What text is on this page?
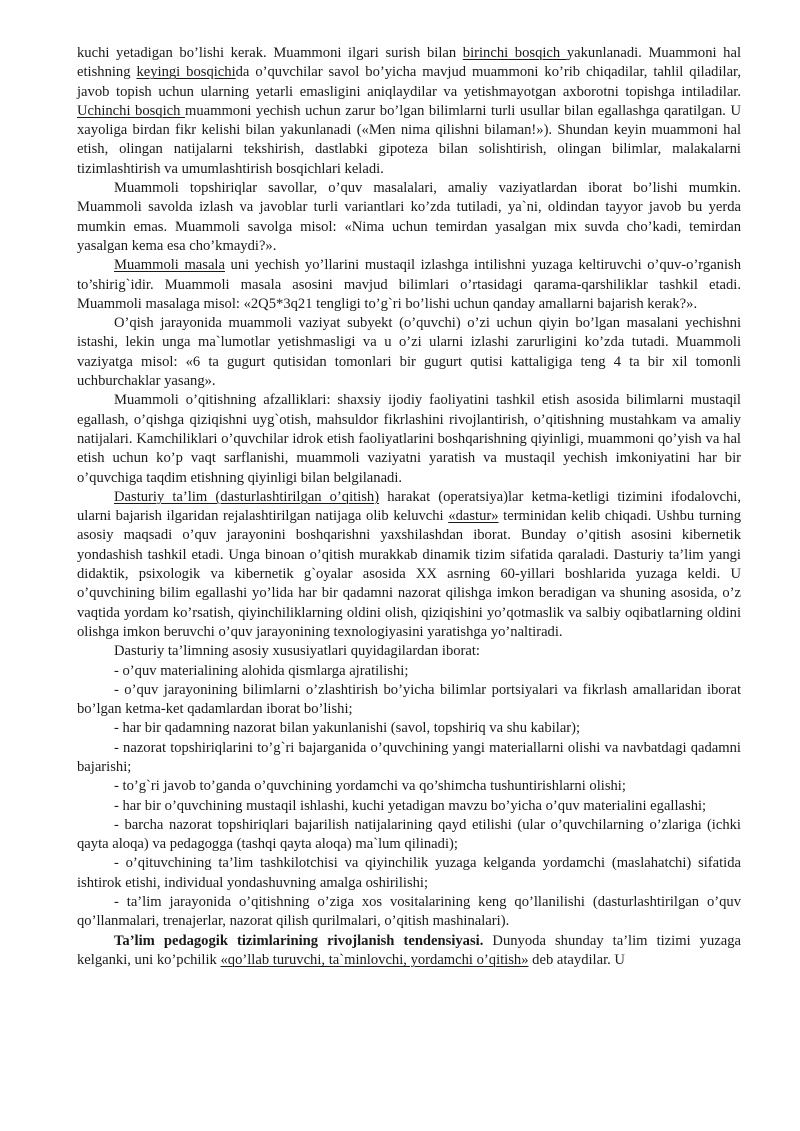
kuchi yetadigan bo’lishi kerak. Muammoni ilgari surish bilan birinchi bosqich yakunlanadi. Muammoni hal etishning keyingi bosqichida o’quvchilar savol bo’yicha mavjud muammoni ko’rib chiqadilar, tahlil qiladilar, javob topish uchun ularning yetarli emasligini aniqlaydilar va yetishmayotgan axborotni topishga intiladilar. Uchinchi bosqich muammoni yechish uchun zarur bo’lgan bilimlarni turli usullar bilan egallashga qaratilgan. U xayoliga birdan fikr kelishi bilan yakunlanadi («Men nima qilishni bilaman!»). Shundan keyin muammoni hal etish, olingan natijalarni tekshirish, dastlabki gipoteza bilan solishtirish, olingan bilimlar, malakalarni tizimlashtirish va umumlashtirish bosqichlari keladi.

Muammoli topshiriqlar savollar, o’quv masalalari, amaliy vaziyatlardan iborat bo’lishi mumkin. Muammoli savolda izlash va javoblar turli variantlari ko’zda tutiladi, ya`ni, oldindan tayyor javob bu yerda mumkin emas. Muammoli savolga misol: «Nima uchun temirdan yasalgan mix suvda cho’kadi, temirdan yasalgan kema esa cho’kmaydi?».

Muammoli masala uni yechish yo’llarini mustaqil izlashga intilishni yuzaga keltiruvchi o’quv-o’rganish to’shirig`idir. Muammoli masala asosini mavjud bilimlari o’rtasidagi qarama-qarshiliklar tashkil etadi. Muammoli masalaga misol: «2Q5*3q21 tengligi to’g`ri bo’lishi uchun qanday amallarni bajarish kerak?».

O’qish jarayonida muammoli vaziyat subyekt (o’quvchi) o’zi uchun qiyin bo’lgan masalani yechishni istashi, lekin unga ma`lumotlar yetishmasligi va u o’zi ularni izlashi zarurligini ko’zda tutadi. Muammoli vaziyatga misol: «6 ta gugurt qutisidan tomonlari bir gugurt qutisi kattaligiga teng 4 ta bir xil tomonli uchburchaklar yasang».

Muammoli o’qitishning afzalliklari: shaxsiy ijodiy faoliyatini tashkil etish asosida bilimlarni mustaqil egallash, o’qishga qiziqishni uyg`otish, mahsuldor fikrlashini rivojlantirish, o’qitishning mustahkam va amaliy natijalari. Kamchiliklari o’quvchilar idrok etish faoliyatlarini boshqarishning qiyinligi, muammoni qo’yish va hal etish uchun ko’p vaqt sarflanishi, muammoli vaziyatni yaratish va mustaqil yechish imkoniyatini har bir o’quvchiga taqdim etishning qiyinligi bilan belgilanadi.

Dasturiy ta’lim (dasturlashtirilgan o’qitish) harakat (operatsiya)lar ketma-ketligi tizimini ifodalovchi, ularni bajarish ilgaridan rejalashtirilgan natijaga olib keluvchi «dastur» terminidan kelib chiqadi. Ushbu turning asosiy maqsadi o’quv jarayonini boshqarishni yaxshilashdan iborat. Bunday o’qitish asosini kibernetik yondashish tashkil etadi. Unga binoan o’qitish murakkab dinamik tizim sifatida qaraladi. Dasturiy ta’lim yangi didaktik, psixologik va kibernetik g`oyalar asosida XX asrning 60-yillari boshlarida yuzaga keldi. U o’quvchining bilim egallashi yo’lida har bir qadamni nazorat qilishga imkon beradigan va shuning asosida, o’z vaqtida yordam ko’rsatish, qiyinchiliklarning oldini olish, qiziqishini yo’qotmaslik va salbiy oqibatlarning oldini olishga imkon beruvchi o’quv jarayonining texnologiyasini yaratishga yo’naltiradi.

Dasturiy ta’limning asosiy xususiyatlari quyidagilardan iborat:

- o’quv materialining alohida qismlarga ajratilishi;

- o’quv jarayonining bilimlarni o’zlashtirish bo’yicha bilimlar portsiyalari va fikrlash amallaridan iborat bo’lgan ketma-ket qadamlardan iborat bo’lishi;

- har bir qadamning nazorat bilan yakunlanishi (savol, topshiriq va shu kabilar);

- nazorat topshiriqlarini to’g`ri bajarganida o’quvchining yangi materiallarni olishi va navbatdagi qadamni bajarishi;

- to’g`ri javob to’ganda o’quvchining yordamchi va qo’shimcha tushuntirishlarni olishi;

- har bir o’quvchining mustaqil ishlashi, kuchi yetadigan mavzu bo’yicha o’quv materialini egallashi;

- barcha nazorat topshiriqlari bajarilish natijalarining qayd etilishi (ular o’quvchilarning o’zlariga (ichki qayta aloqa) va pedagogga (tashqi qayta aloqa) ma`lum qilinadi);

- o’qituvchining ta’lim tashkilotchisi va qiyinchilik yuzaga kelganda yordamchi (maslahatchi) sifatida ishtirok etishi, individual yondashuvning amalga oshirilishi;

- ta’lim jarayonida o’qitishning o’ziga xos vositalarining keng qo’llanilishi (dasturlashtirilgan o’quv qo’llanmalari, trenajerlar, nazorat qilish qurilmalari, o’qitish mashinalari).

Ta’lim pedagogik tizimlarining rivojlanish tendensiyasi. Dunyoda shunday ta’lim tizimi yuzaga kelganki, uni ko’pchilik «qo’llab turuvchi, ta`minlovchi, yordamchi o’qitish» deb ataydilar. U
